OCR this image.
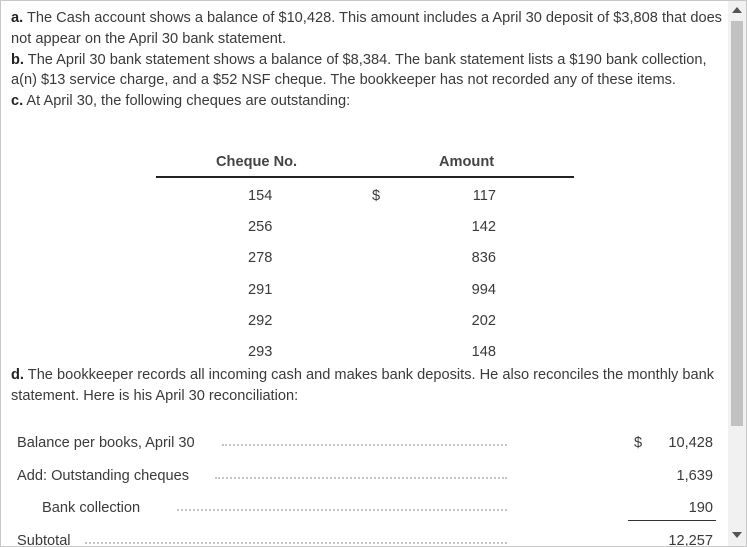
a. The Cash account shows a balance of $10,428. This amount includes a April 30 deposit of $3,808 that does not appear on the April 30 bank statement.

b. The April 30 bank statement shows a balance of $8,384. The bank statement lists a $190 bank collection, a(n) $13 service charge, and a $52 NSF cheque. The bookkeeper has not recorded any of these items.

c. At April 30, the following cheques are outstanding:

Cheque No.	Amount
154	$	117
256	142
278	836
291	994
292	202
293	148

d. The bookkeeper records all incoming cash and makes bank deposits. He also reconciles the monthly bank statement. Here is his April 30 reconciliation:

Balance per books, April 30	$	10,428
Add: Outstanding cheques	1,639
Bank collection	190
Subtotal	12,257
